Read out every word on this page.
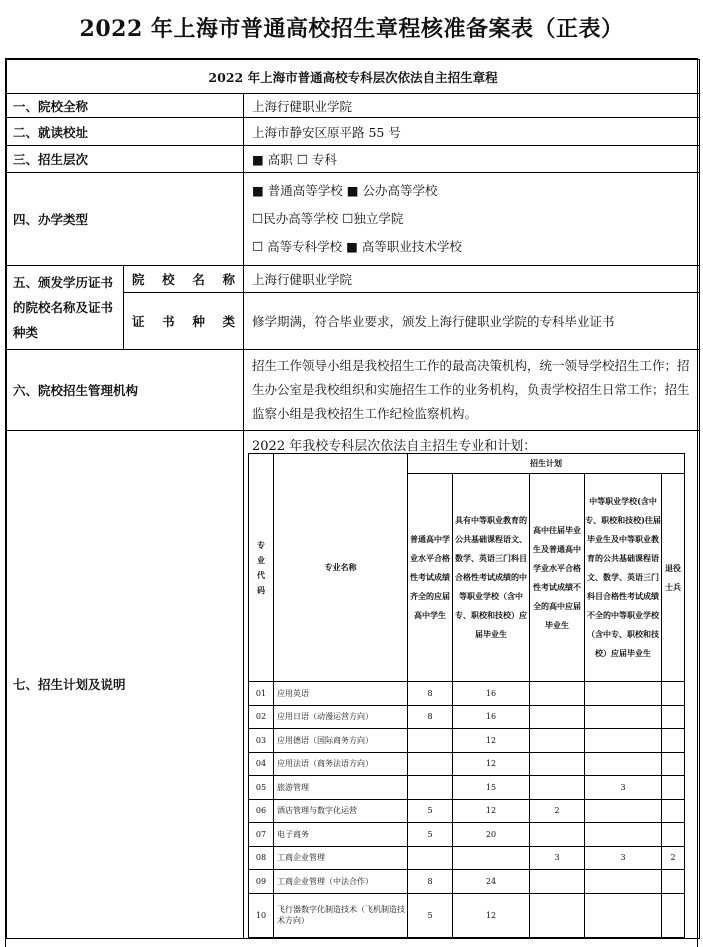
2022 年上海市普通高校招生章程核准备案表（正表）
2022 年上海市普通高校专科层次依法自主招生章程
一、院校全称	上海行健职业学院
二、就读校址	上海市静安区原平路 55 号
三、招生层次	■ 高职 ☐ 专科
四、办学类型	
■ 普通高等学校 ■ 公办高等学校
☐民办高等学校 ☐独立学院
☐ 高等专科学校 ■ 高等职业技术学校

五、颁发学历证书的院校名称及证书种类	院校名称	上海行健职业学院
证书种类	修学期满，符合毕业要求，颁发上海行健职业学院的专科毕业证书
六、院校招生管理机构	招生工作领导小组是我校招生工作的最高决策机构，统一领导学校招生工作；招生办公室是我校组织和实施招生工作的业务机构，负责学校招生日常工作；招生监察小组是我校招生工作纪检监察机构。
七、招生计划及说明	
2022 年我校专科层次依法自主招生专业和计划：
专
业
代
码	专业名称	招生计划
普通高中学业水平合格性考试成绩齐全的应届高中学生	具有中等职业教育的公共基础课程语文、数学、英语三门科目合格性考试成绩的中等职业学校（含中专、职校和技校）应届毕业生	高中往届毕业生及普通高中学业水平合格性考试成绩不全的高中应届毕业生	中等职业学校(含中专、职校和技校)往届毕业生及中等职业教育的公共基础课程语文、数学、英语三门科目合格性考试成绩不全的中等职业学校（含中专、职校和技校）应届毕业生	退役士兵
01	应用英语	8	16			
02	应用日语（动漫运营方向）	8	16			
03	应用德语（国际商务方向）		12			
04	应用法语（商务法语方向）		12			
05	旅游管理		15		3	
06	酒店管理与数字化运营	5	12	2		
07	电子商务	5	20			
08	工商企业管理			3	3	2
09	工商企业管理（中法合作）	8	24			
10	飞行器数字化制造技术（飞机制造技术方向）	5	12			
